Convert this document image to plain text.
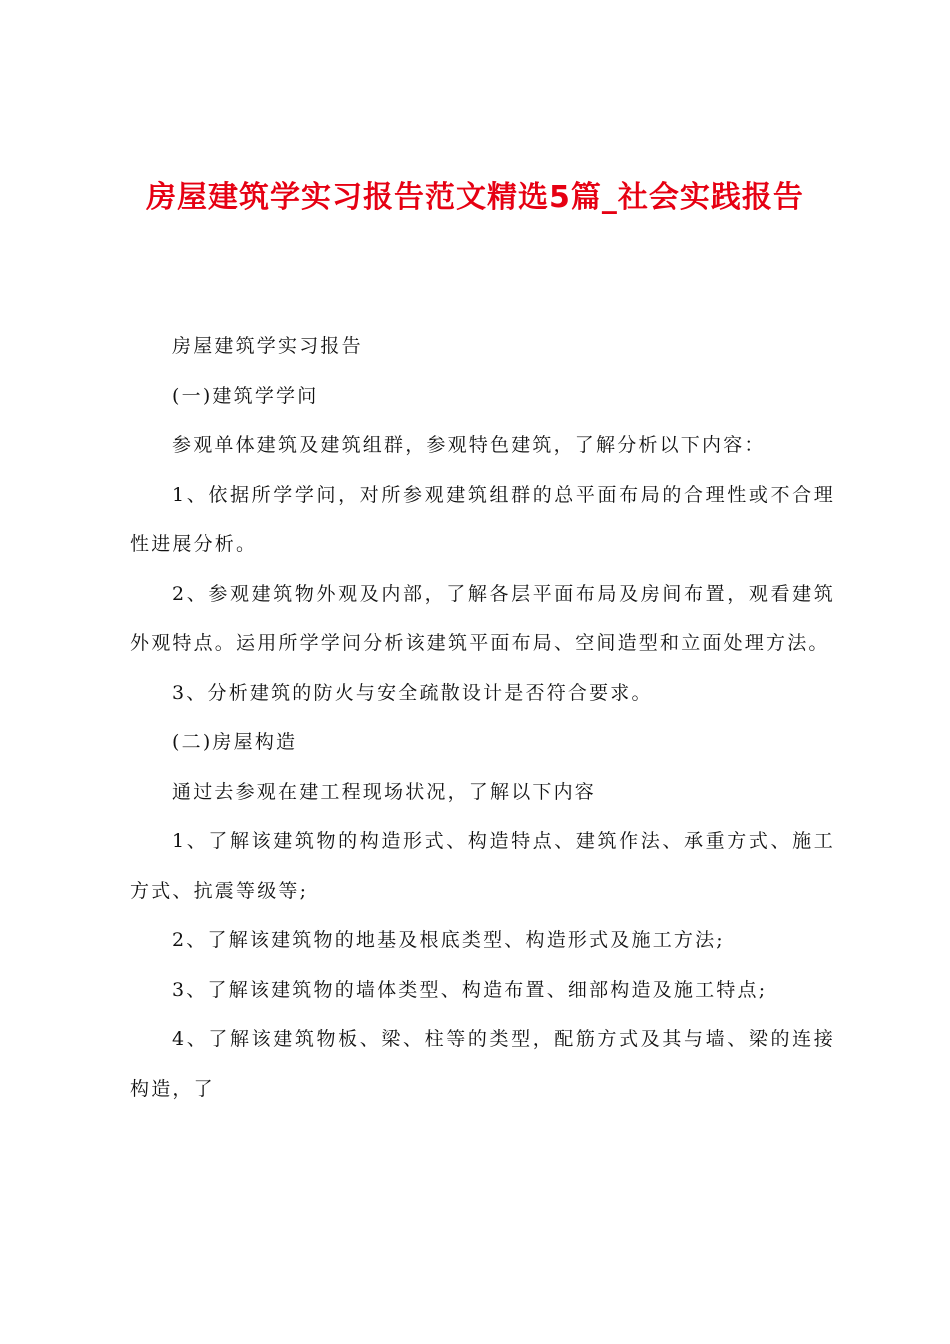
房屋建筑学实习报告范文精选5篇_社会实践报告

房屋建筑学实习报告

(一)建筑学学问

参观单体建筑及建筑组群，参观特色建筑，了解分析以下内容：

1、依据所学学问，对所参观建筑组群的总平面布局的合理性或不合理性进展分析。

2、参观建筑物外观及内部，了解各层平面布局及房间布置，观看建筑外观特点。运用所学学问分析该建筑平面布局、空间造型和立面处理方法。

3、分析建筑的防火与安全疏散设计是否符合要求。

(二)房屋构造

通过去参观在建工程现场状况，了解以下内容

1、了解该建筑物的构造形式、构造特点、建筑作法、承重方式、施工方式、抗震等级等;

2、了解该建筑物的地基及根底类型、构造形式及施工方法;

3、了解该建筑物的墙体类型、构造布置、细部构造及施工特点;

4、了解该建筑物板、梁、柱等的类型，配筋方式及其与墙、梁的连接构造，了
